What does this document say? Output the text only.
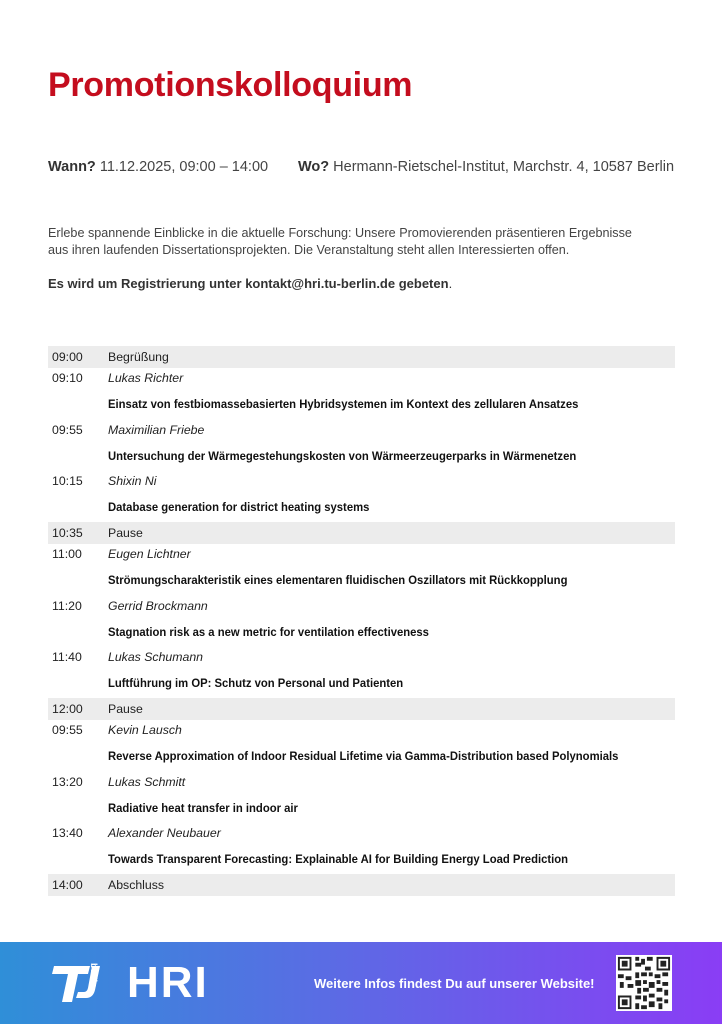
Promotionskolloquium
Wann? 11.12.2025, 09:00 – 14:00 Wo? Hermann-Rietschel-Institut, Marchstr. 4, 10587 Berlin

Erlebe spannende Einblicke in die aktuelle Forschung: Unsere Promovierenden präsentieren Ergebnisse aus ihren laufenden Dissertationsprojekten. Die Veranstaltung steht allen Interessierten offen.

Es wird um Registrierung unter kontakt@hri.tu-berlin.de gebeten.

09:00	Begrüßung
09:10	Lukas Richter
Einsatz von festbiomassebasierten Hybridsystemen im Kontext des zellularen Ansatzes
09:55	Maximilian Friebe
Untersuchung der Wärmegestehungskosten von Wärmeerzeugerparks in Wärmenetzen
10:15	Shixin Ni
Database generation for district heating systems
10:35	Pause
11:00	Eugen Lichtner
Strömungscharakteristik eines elementaren fluidischen Oszillators mit Rückkopplung
11:20	Gerrid Brockmann
Stagnation risk as a new metric for ventilation effectiveness
11:40	Lukas Schumann
Luftführung im OP: Schutz von Personal und Patienten
12:00	Pause
09:55	Kevin Lausch
Reverse Approximation of Indoor Residual Lifetime via Gamma-Distribution based Polynomials
13:20	Lukas Schmitt
Radiative heat transfer in indoor air
13:40	Alexander Neubauer
Towards Transparent Forecasting: Explainable AI for Building Energy Load Prediction
14:00	Abschluss
berlin HRI	Weitere Infos findest Du auf unserer Website!
